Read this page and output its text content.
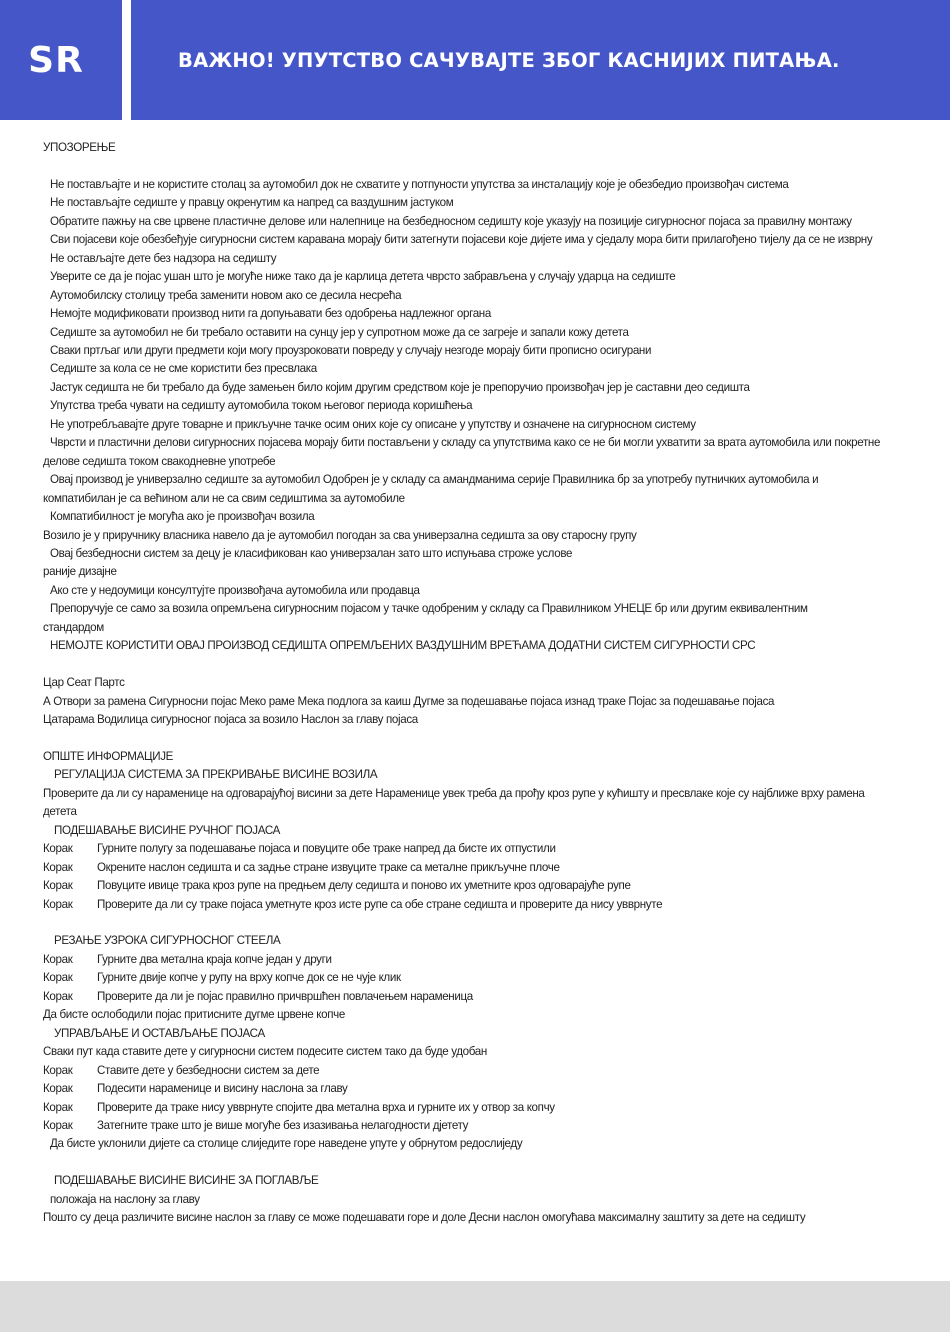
SR	ВАЖНО! УПУТСТВО САЧУВАЈТЕ ЗБОГ КАСНИЈИХ ПИТАЊА.
УПОЗОРЕЊЕ
Не постављајте и не користите столац за аутомобил док не схватите у потпуности упутства за инсталацију које је обезбедио произвођач система
Не постављајте седиште у правцу окренутим ка напред са ваздушним јастуком
Обратите пажњу на све црвене пластичне делове или налепнице на безбедносном седишту које указују на позиције сигурносног појаса за правилну монтажу
Сви појасеви које обезбеђује сигурносни систем каравана морају бити затегнути појасеви које дијете има у сједалу мора бити прилагођено тијелу да се не изврну
Не остављајте дете без надзора на седишту
Уверите се да је појас ушан што је могуће ниже тако да је карлица детета чврсто забрављена у случају ударца на седиште
Аутомобилску столицу треба заменити новом ако се десила несрећа
Немојте модификовати производ нити га допуњавати без одобрења надлежног органа
Седиште за аутомобил не би требало оставити на сунцу јер у супротном може да се загреје и запали кожу детета
Сваки пртљаг или други предмети који могу проузроковати повреду у случају незгоде морају бити прописно осигурани
Седиште за кола се не сме користити без пресвлака
Јастук седишта не би требало да буде замењен било којим другим средством које је препоручио произвођач јер је саставни део седишта
Упутства треба чувати на седишту аутомобила током његовог периода коришћења
Не употребљавајте друге товарне и прикључне тачке осим оних које су описане у упутству и означене на сигурносном систему
Чврсти и пластични делови сигурносних појасева морају бити постављени у складу са упутствима како се не би могли ухватити за врата аутомобила или покретне
делове седишта током свакодневне употребе
Овај производ је универзално седиште за аутомобил Одобрен је у складу са амандманима серије Правилника бр за употребу путничких аутомобила и
компатибилан је са већином али не са свим седиштима за аутомобиле
Компатибилност је могућа ако је произвођач возила
Возило је у приручнику власника навело да је аутомобил погодан за сва универзална седишта за ову старосну групу
Овај безбедносни систем за децу је класификован као универзалан зато што испуњава строже услове
раније дизајне
Ако сте у недоумици консултујте произвођача аутомобила или продавца
Препоручује се само за возила опремљена сигурносним појасом у тачке одобреним у складу са Правилником УНЕЦЕ бр или другим еквивалентним
стандардом
НЕМОЈТЕ КОРИСТИТИ ОВАЈ ПРОИЗВОД СЕДИШТА ОПРЕМЉЕНИХ ВАЗДУШНИМ ВРЕЋАМА ДОДАТНИ СИСТЕМ СИГУРНОСТИ СРС
Цар Сеат Партс
А Отвори за рамена Сигурносни појас Меко раме Мека подлога за каиш Дугме за подешавање појаса изнад траке Појас за подешавање појаса
Цатарама Водилица сигурносног појаса за возило Наслон за главу појаса
ОПШТЕ ИНФОРМАЦИЈЕ
РЕГУЛАЦИЈА СИСТЕМА ЗА ПРЕКРИВАЊЕ ВИСИНЕ ВОЗИЛА
Проверите да ли су нараменице на одговарајућој висини за дете Нараменице увек треба да прођу кроз рупе у кућишту и пресвлаке које су најближе врху рамена
детета
ПОДЕШАВАЊЕ ВИСИНЕ РУЧНОГ ПОЈАСА
Корак	Гурните полугу за подешавање појаса и повуците обе траке напред да бисте их отпустили
Корак	Окрените наслон седишта и са задње стране извуците траке са металне прикључне плоче
Корак	Повуците ивице трака кроз рупе на предњем делу седишта и поново их уметните кроз одговарајуће рупе
Корак	Проверите да ли су траке појаса уметнуте кроз исте рупе са обе стране седишта и проверите да нису увврнуте
РЕЗАЊЕ УЗРОКА СИГУРНОСНОГ СТЕЕЛА
Корак	Гурните два метална краја копче један у други
Корак	Гурните двије копче у рупу на врху копче док се не чује клик
Корак	Проверите да ли је појас правилно причвршћен повлачењем нараменица
Да бисте ослободили појас притисните дугме црвене копче
УПРАВЉАЊЕ И ОСТАВЉАЊЕ ПОЈАСА
Сваки пут када ставите дете у сигурносни систем подесите систем тако да буде удобан
Корак	Ставите дете у безбедносни систем за дете
Корак	Подесити нараменице и висину наслона за главу
Корак	Проверите да траке нису увврнуте спојите два метална врха и гурните их у отвор за копчу
Корак	Затегните траке што је више могуће без изазивања нелагодности дјетету
Да бисте уклонили дијете са столице слиједите горе наведене упуте у обрнутом редослиједу
ПОДЕШАВАЊЕ ВИСИНЕ ВИСИНЕ ЗА ПОГЛАВЉЕ
положаја на наслону за главу
Пошто су деца различите висине наслон за главу се може подешавати горе и доле Десни наслон омогућава максималну заштиту за дете на седишту
